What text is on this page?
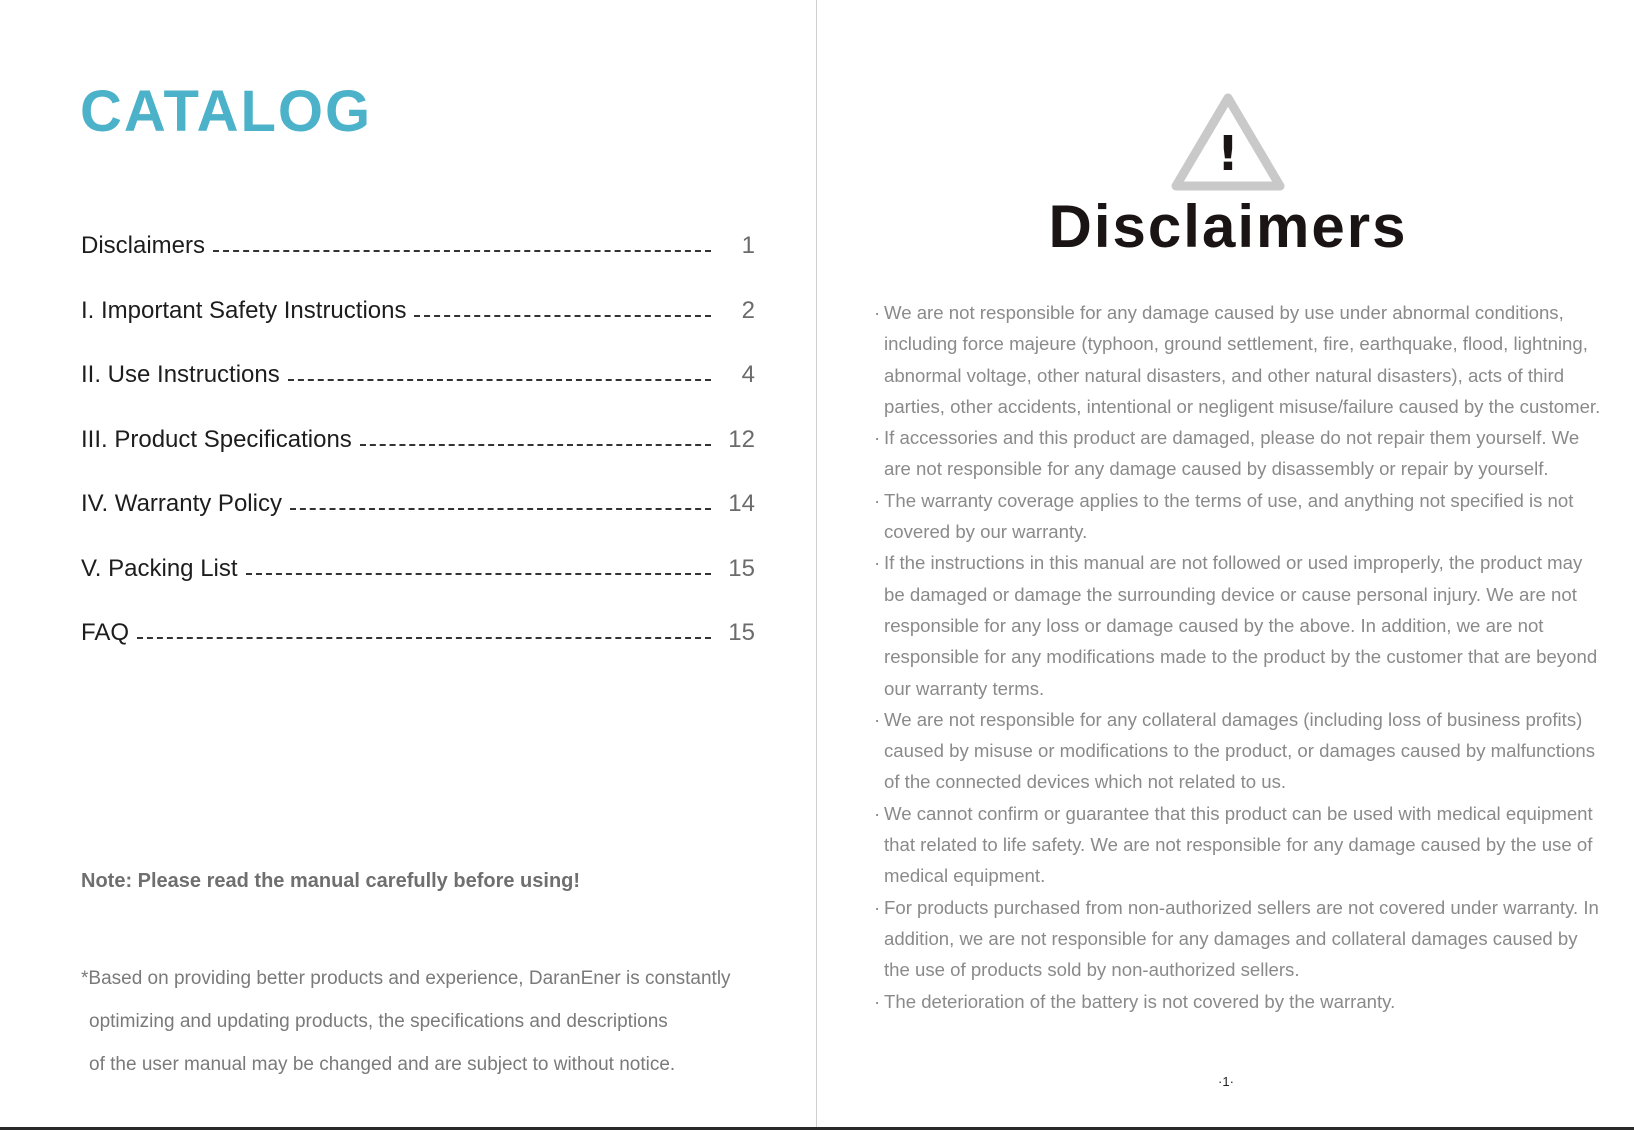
CATALOG
Disclaimers	1
I. Important Safety Instructions	2
II. Use Instructions	4
III. Product Specifications	12
IV. Warranty Policy	14
V. Packing List	15
FAQ	15

Note: Please read the manual carefully before using!

*Based on providing better products and experience, DaranEner is constantly
optimizing and updating products, the specifications and descriptions
of the user manual may be changed and are subject to without notice.

!
Disclaimers
· We are not responsible for any damage caused by use under abnormal conditions, including force majeure (typhoon, ground settlement, fire, earthquake, flood, lightning, abnormal voltage, other natural disasters, and other natural disasters), acts of third parties, other accidents, intentional or negligent misuse/failure caused by the customer.
· If accessories and this product are damaged, please do not repair them yourself. We are not responsible for any damage caused by disassembly or repair by yourself.
· The warranty coverage applies to the terms of use, and anything not specified is not covered by our warranty.
· If the instructions in this manual are not followed or used improperly, the product may be damaged or damage the surrounding device or cause personal injury. We are not responsible for any loss or damage caused by the above. In addition, we are not responsible for any modifications made to the product by the customer that are beyond our warranty terms.
· We are not responsible for any collateral damages (including loss of business profits) caused by misuse or modifications to the product, or damages caused by malfunctions of the connected devices which not related to us.
· We cannot confirm or guarantee that this product can be used with medical equipment that related to life safety. We are not responsible for any damage caused by the use of medical equipment.
· For products purchased from non-authorized sellers are not covered under warranty. In addition, we are not responsible for any damages and collateral damages caused by the use of products sold by non-authorized sellers.
· The deterioration of the battery is not covered by the warranty.

·1·
